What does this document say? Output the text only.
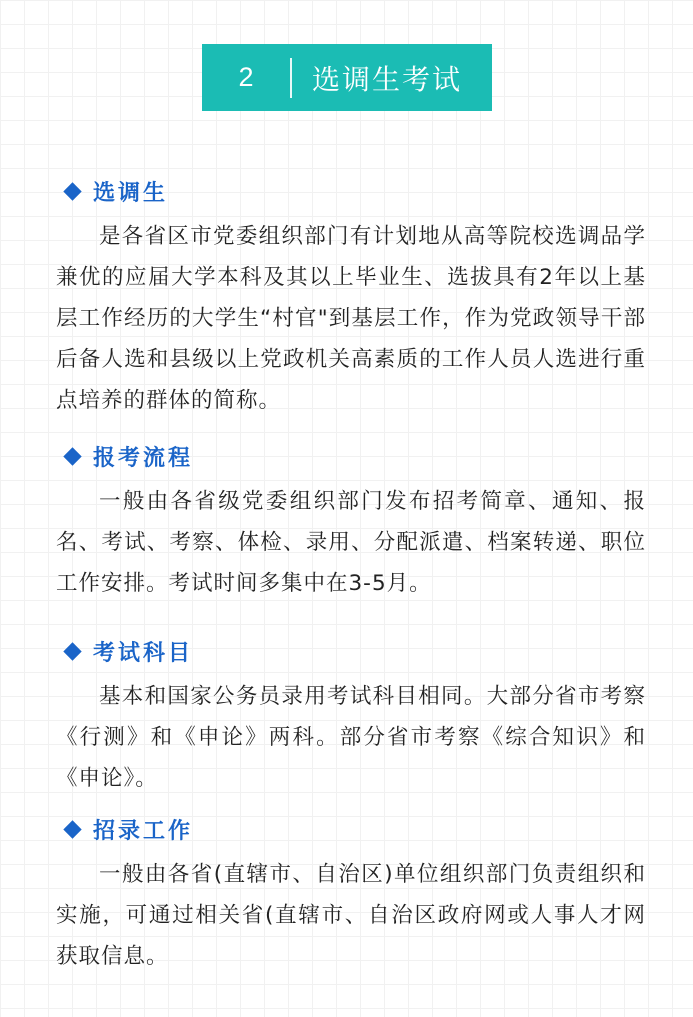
2	选调生考试
选调生

是各省区市党委组织部门有计划地从高等院校选调品学兼优的应届大学本科及其以上毕业生、选拔具有2年以上基层工作经历的大学生“村官"到基层工作，作为党政领导干部后备人选和县级以上党政机关高素质的工作人员人选进行重点培养的群体的简称。

报考流程

一般由各省级党委组织部门发布招考简章、通知、报名、考试、考察、体检、录用、分配派遣、档案转递、职位工作安排。考试时间多集中在3-5月。

考试科目

基本和国家公务员录用考试科目相同。大部分省市考察《行测》和《申论》两科。部分省市考察《综合知识》和《申论》。

招录工作

一般由各省(直辖市、自治区)单位组织部门负责组织和实施，可通过相关省(直辖市、自治区政府网或人事人才网获取信息。
